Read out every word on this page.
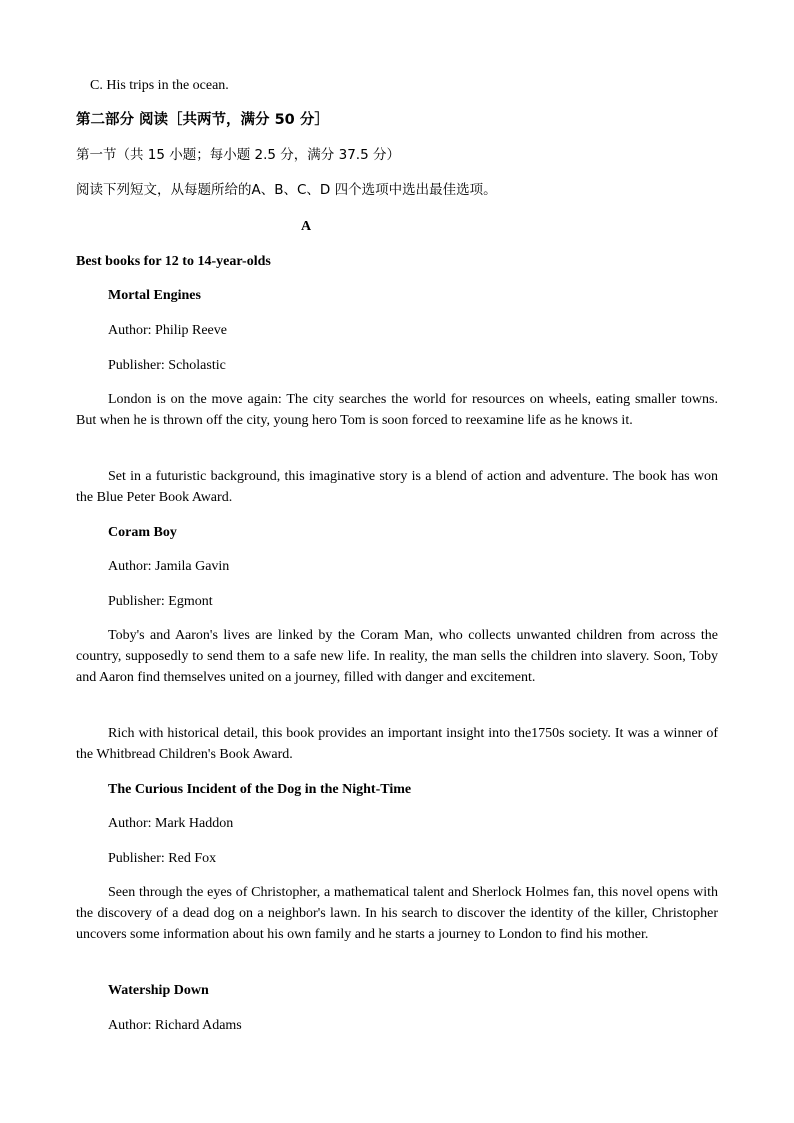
C. His trips in the ocean.
第二部分 阅读［共两节，满分 50 分］
第一节（共 15 小题；每小题 2.5 分，满分 37.5 分）
阅读下列短文，从每题所给的A、B、C、D 四个选项中选出最佳选项。
A
Best books for 12 to 14-year-olds
Mortal Engines
Author: Philip Reeve
Publisher: Scholastic
London is on the move again: The city searches the world for resources on wheels, eating smaller towns. But when he is thrown off the city, young hero Tom is soon forced to reexamine life as he knows it.
Set in a futuristic background, this imaginative story is a blend of action and adventure. The book has won the Blue Peter Book Award.
Coram Boy
Author: Jamila Gavin
Publisher: Egmont
Toby's and Aaron's lives are linked by the Coram Man, who collects unwanted children from across the country, supposedly to send them to a safe new life. In reality, the man sells the children into slavery. Soon, Toby and Aaron find themselves united on a journey, filled with danger and excitement.
Rich with historical detail, this book provides an important insight into the1750s society. It was a winner of the Whitbread Children's Book Award.
The Curious Incident of the Dog in the Night-Time
Author: Mark Haddon
Publisher: Red Fox
Seen through the eyes of Christopher, a mathematical talent and Sherlock Holmes fan, this novel opens with the discovery of a dead dog on a neighbor's lawn. In his search to discover the identity of the killer, Christopher uncovers some information about his own family and he starts a journey to London to find his mother.
Watership Down
Author: Richard Adams
